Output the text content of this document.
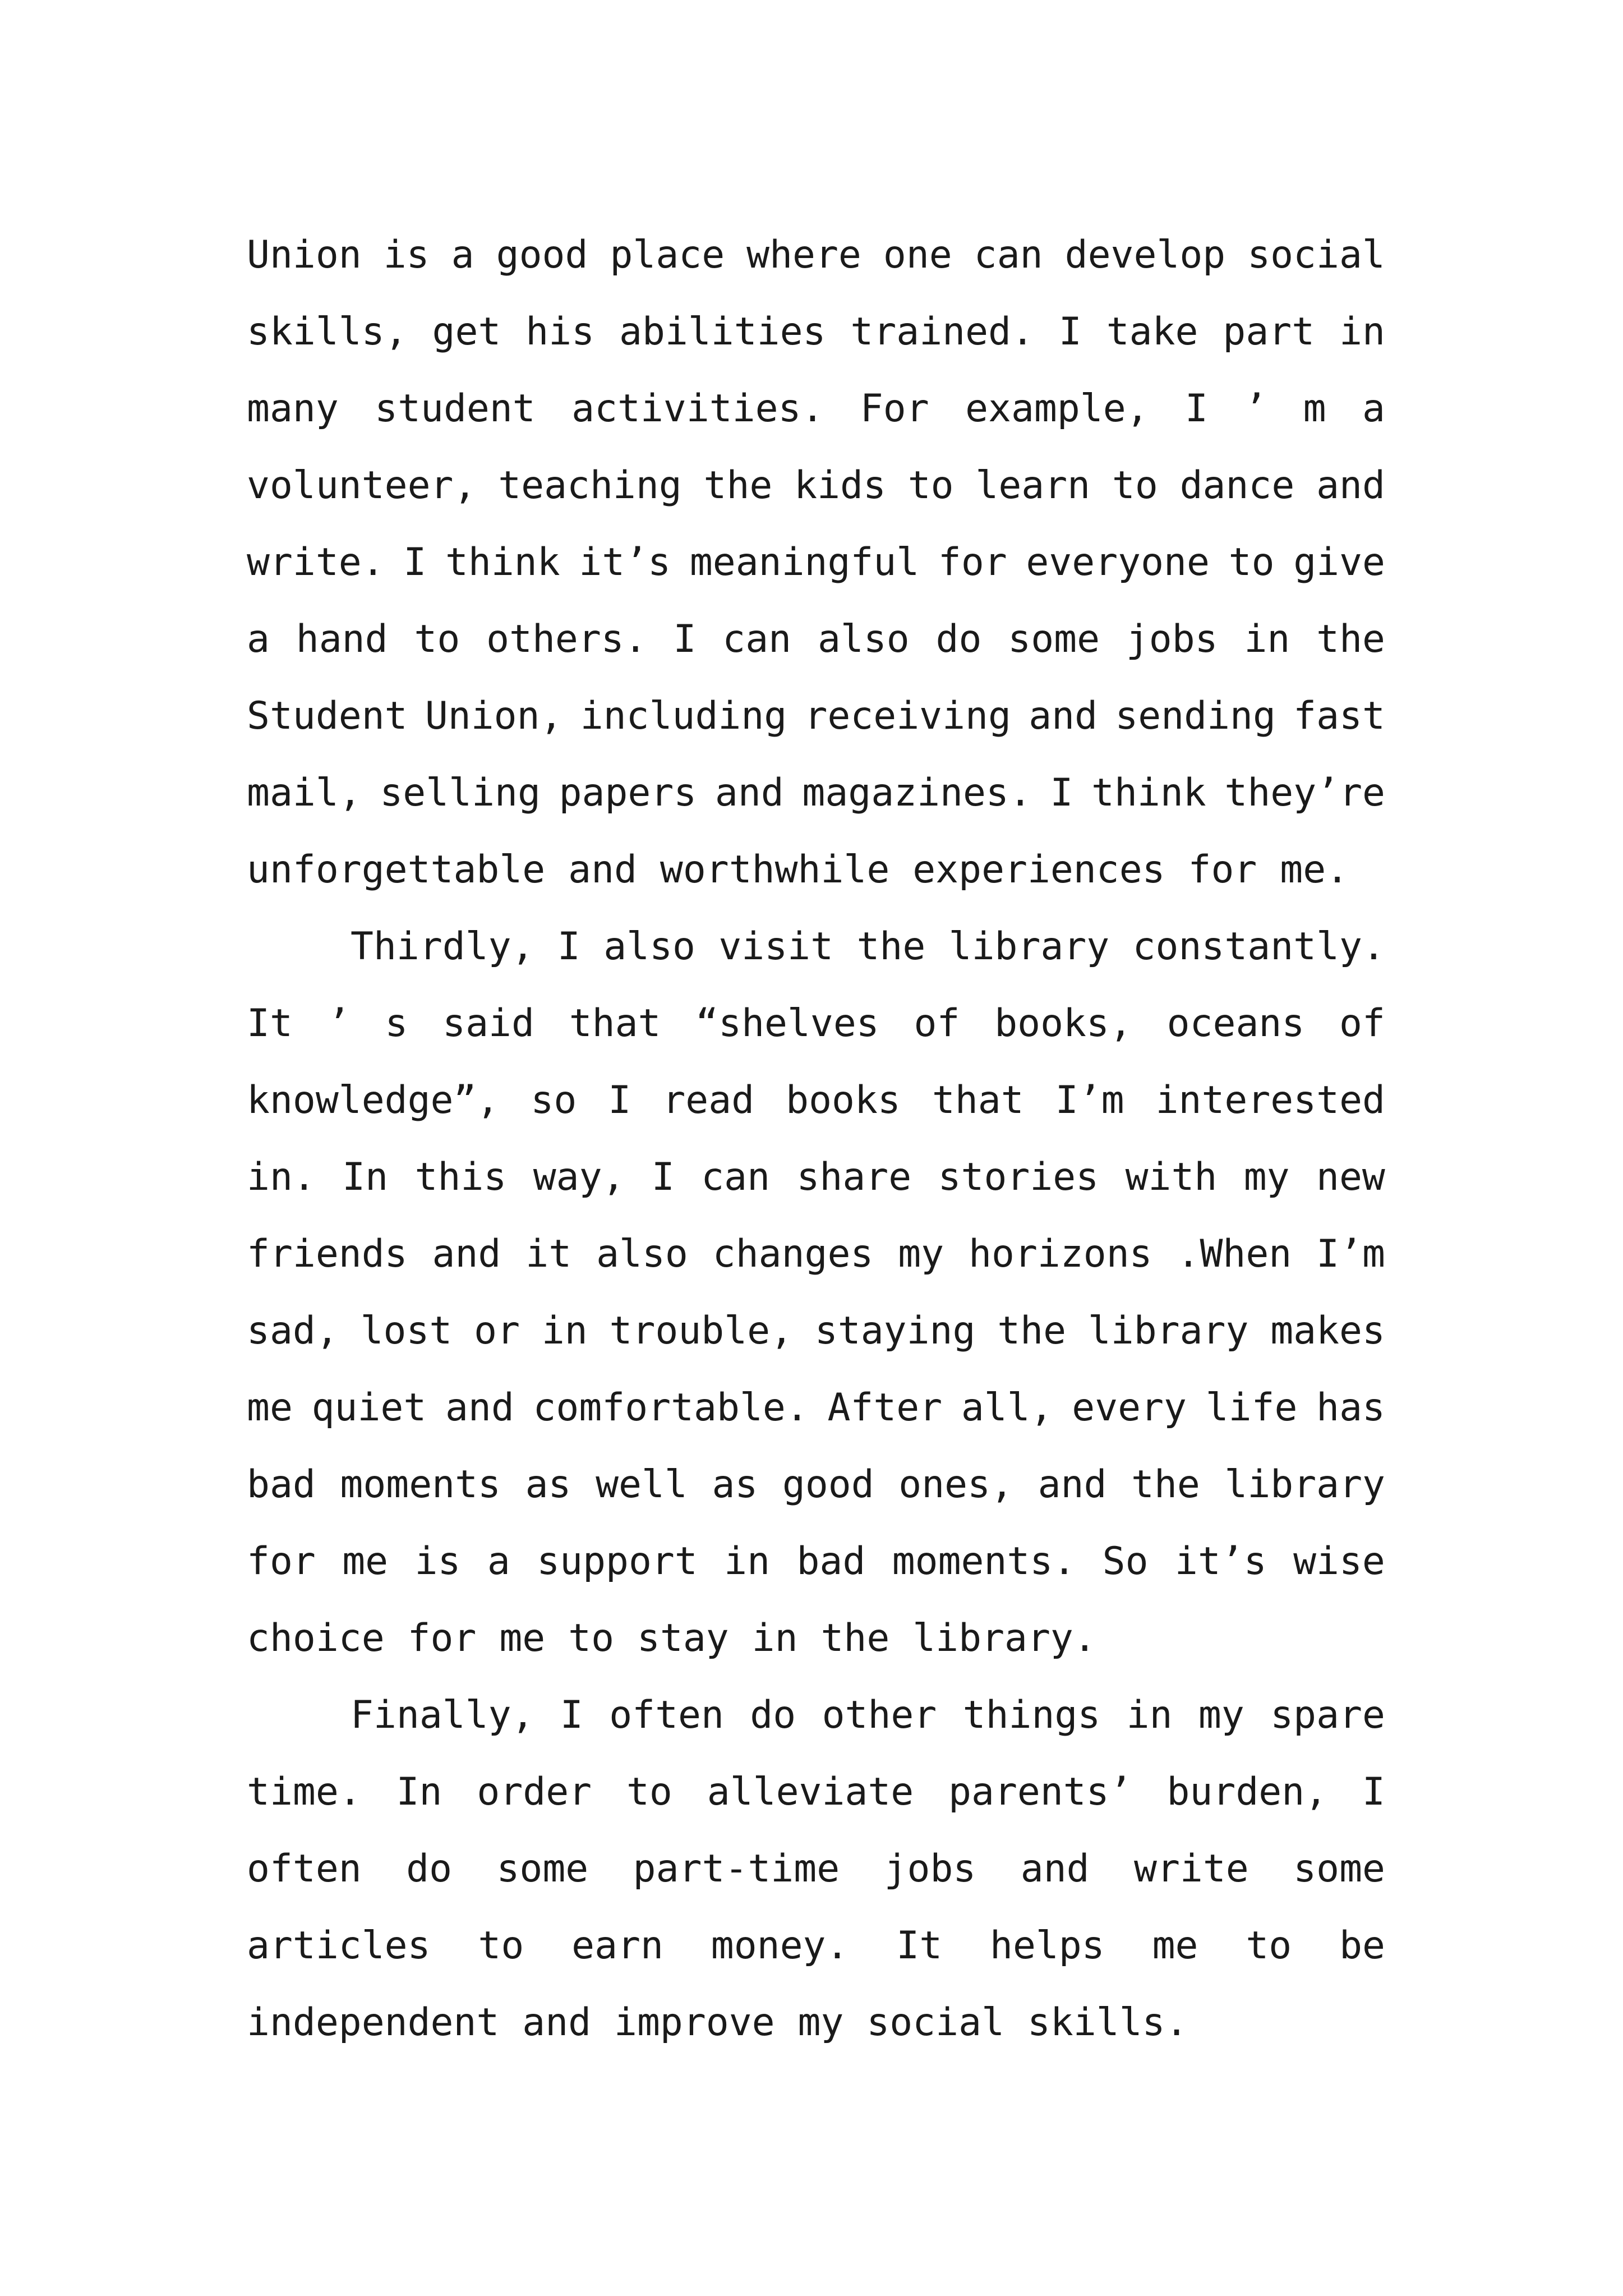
Union is a good place where one can develop social
skills, get his abilities trained. I take part in
many student activities. For example, I ’ m a
volunteer, teaching the kids to learn to dance and
write. I think it’s meaningful for everyone to give
a hand to others. I can also do some jobs in the
Student Union, including receiving and sending fast
mail, selling papers and magazines. I think they’re
unforgettable and worthwhile experiences for me.
Thirdly, I also visit the library constantly.
It ’ s said that “shelves of books, oceans of
knowledge”, so I read books that I’m interested
in. In this way, I can share stories with my new
friends and it also changes my horizons .When I’m
sad, lost or in trouble, staying the library makes
me quiet and comfortable. After all, every life has
bad moments as well as good ones, and the library
for me is a support in bad moments. So it’s wise
choice for me to stay in the library.
Finally, I often do other things in my spare
time. In order to alleviate parents’ burden, I
often do some part-time jobs and write some
articles to earn money. It helps me to be
independent and improve my social skills.
